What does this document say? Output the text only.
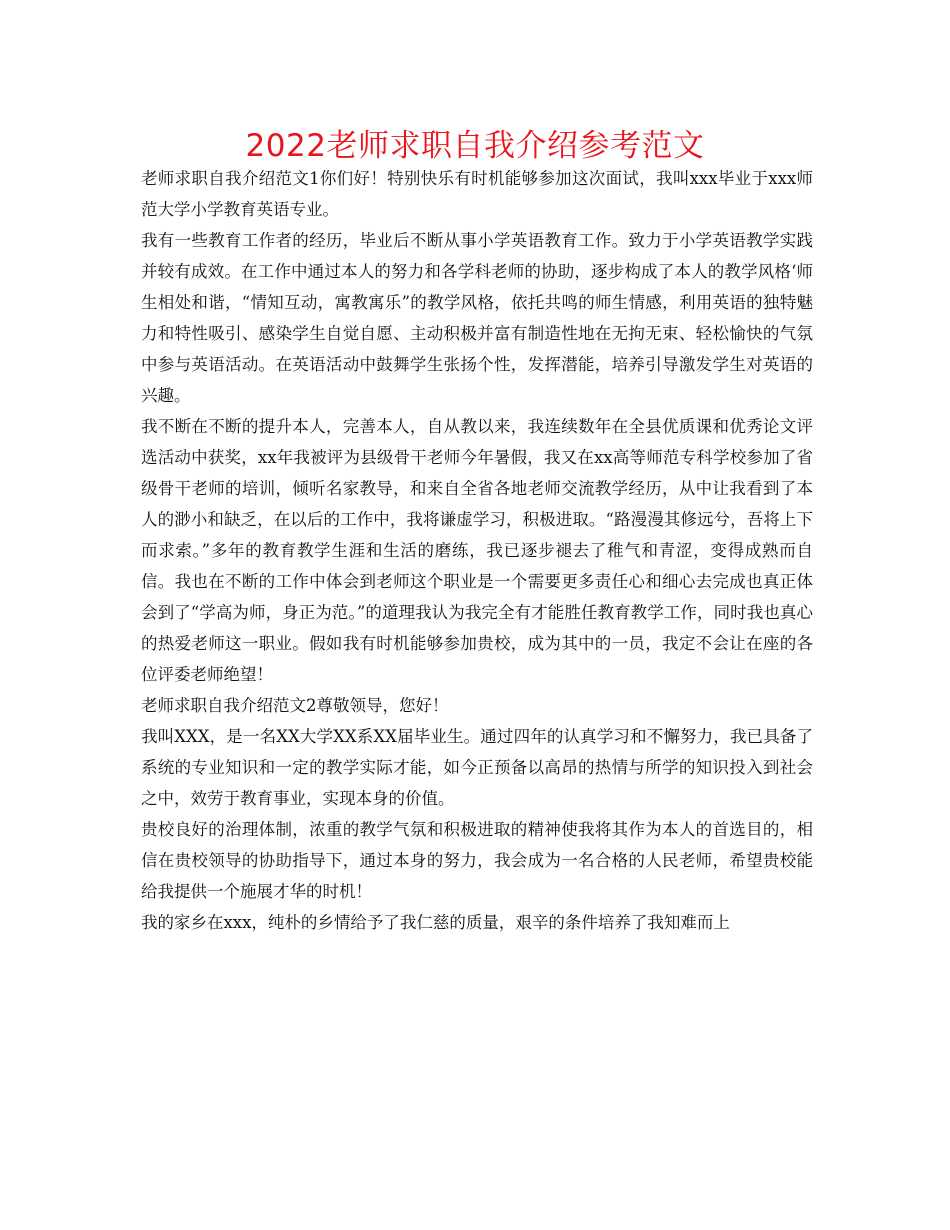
2022老师求职自我介绍参考范文

老师求职自我介绍范文1你们好！特别快乐有时机能够参加这次面试，我叫xxx毕业于xxx师范大学小学教育英语专业。

我有一些教育工作者的经历，毕业后不断从事小学英语教育工作。致力于小学英语教学实践并较有成效。在工作中通过本人的努力和各学科老师的协助，逐步构成了本人的教学风格‘师生相处和谐，“情知互动，寓教寓乐”的教学风格，依托共鸣的师生情感，利用英语的独特魅力和特性吸引、感染学生自觉自愿、主动积极并富有制造性地在无拘无束、轻松愉快的气氛中参与英语活动。在英语活动中鼓舞学生张扬个性，发挥潜能，培养引导激发学生对英语的兴趣。

我不断在不断的提升本人，完善本人，自从教以来，我连续数年在全县优质课和优秀论文评选活动中获奖，xx年我被评为县级骨干老师今年暑假，我又在xx高等师范专科学校参加了省级骨干老师的培训，倾听名家教导，和来自全省各地老师交流教学经历，从中让我看到了本人的渺小和缺乏，在以后的工作中，我将谦虚学习，积极进取。“路漫漫其修远兮，吾将上下而求索。”多年的教育教学生涯和生活的磨练，我已逐步褪去了稚气和青涩，变得成熟而自信。我也在不断的工作中体会到老师这个职业是一个需要更多责任心和细心去完成也真正体会到了“学高为师，身正为范。”的道理我认为我完全有才能胜任教育教学工作，同时我也真心的热爱老师这一职业。假如我有时机能够参加贵校，成为其中的一员，我定不会让在座的各位评委老师绝望！

老师求职自我介绍范文2尊敬领导，您好！

我叫XXX，是一名XX大学XX系XX届毕业生。通过四年的认真学习和不懈努力，我已具备了系统的专业知识和一定的教学实际才能，如今正预备以高昂的热情与所学的知识投入到社会之中，效劳于教育事业，实现本身的价值。

贵校良好的治理体制，浓重的教学气氛和积极进取的精神使我将其作为本人的首选目的，相信在贵校领导的协助指导下，通过本身的努力，我会成为一名合格的人民老师，希望贵校能给我提供一个施展才华的时机！

我的家乡在xxx，纯朴的乡情给予了我仁慈的质量，艰辛的条件培养了我知难而上
